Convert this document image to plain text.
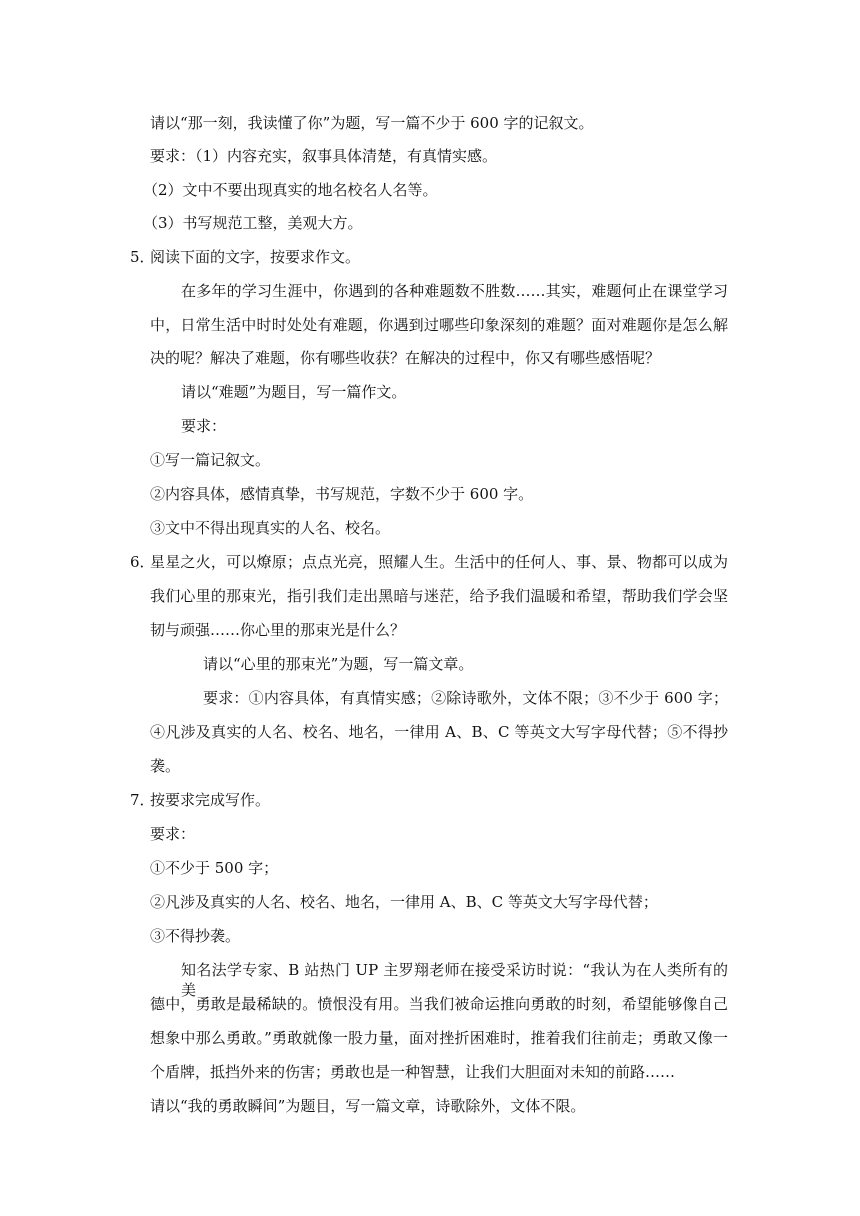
请以“那一刻，我读懂了你”为题，写一篇不少于 600 字的记叙文。
要求：（1）内容充实，叙事具体清楚，有真情实感。
（2）文中不要出现真实的地名校名人名等。
（3）书写规范工整，美观大方。
5．
阅读下面的文字，按要求作文。
在多年的学习生涯中，你遇到的各种难题数不胜数……其实，难题何止在课堂学习
中，日常生活中时时处处有难题，你遇到过哪些印象深刻的难题？面对难题你是怎么解
决的呢？解决了难题，你有哪些收获？在解决的过程中，你又有哪些感悟呢？
请以“难题”为题目，写一篇作文。
要求：
①写一篇记叙文。
②内容具体，感情真挚，书写规范，字数不少于 600 字。
③文中不得出现真实的人名、校名。
6．
星星之火，可以燎原；点点光亮，照耀人生。生活中的任何人、事、景、物都可以成为
我们心里的那束光，指引我们走出黑暗与迷茫，给予我们温暖和希望，帮助我们学会坚
韧与顽强……你心里的那束光是什么？
请以“心里的那束光”为题，写一篇文章。
要求：①内容具体，有真情实感；②除诗歌外，文体不限；③不少于 600 字；
④凡涉及真实的人名、校名、地名，一律用 A、B、C 等英文大写字母代替；⑤不得抄
袭。
7．
按要求完成写作。
要求：
①不少于 500 字；
②凡涉及真实的人名、校名、地名，一律用 A、B、C 等英文大写字母代替；
③不得抄袭。
知名法学专家、B 站热门 UP 主罗翔老师在接受采访时说：“我认为在人类所有的美
德中，勇敢是最稀缺的。愤恨没有用。当我们被命运推向勇敢的时刻，希望能够像自己
想象中那么勇敢。”勇敢就像一股力量，面对挫折困难时，推着我们往前走；勇敢又像一
个盾牌，抵挡外来的伤害；勇敢也是一种智慧，让我们大胆面对未知的前路……
请以“我的勇敢瞬间”为题目，写一篇文章，诗歌除外，文体不限。
